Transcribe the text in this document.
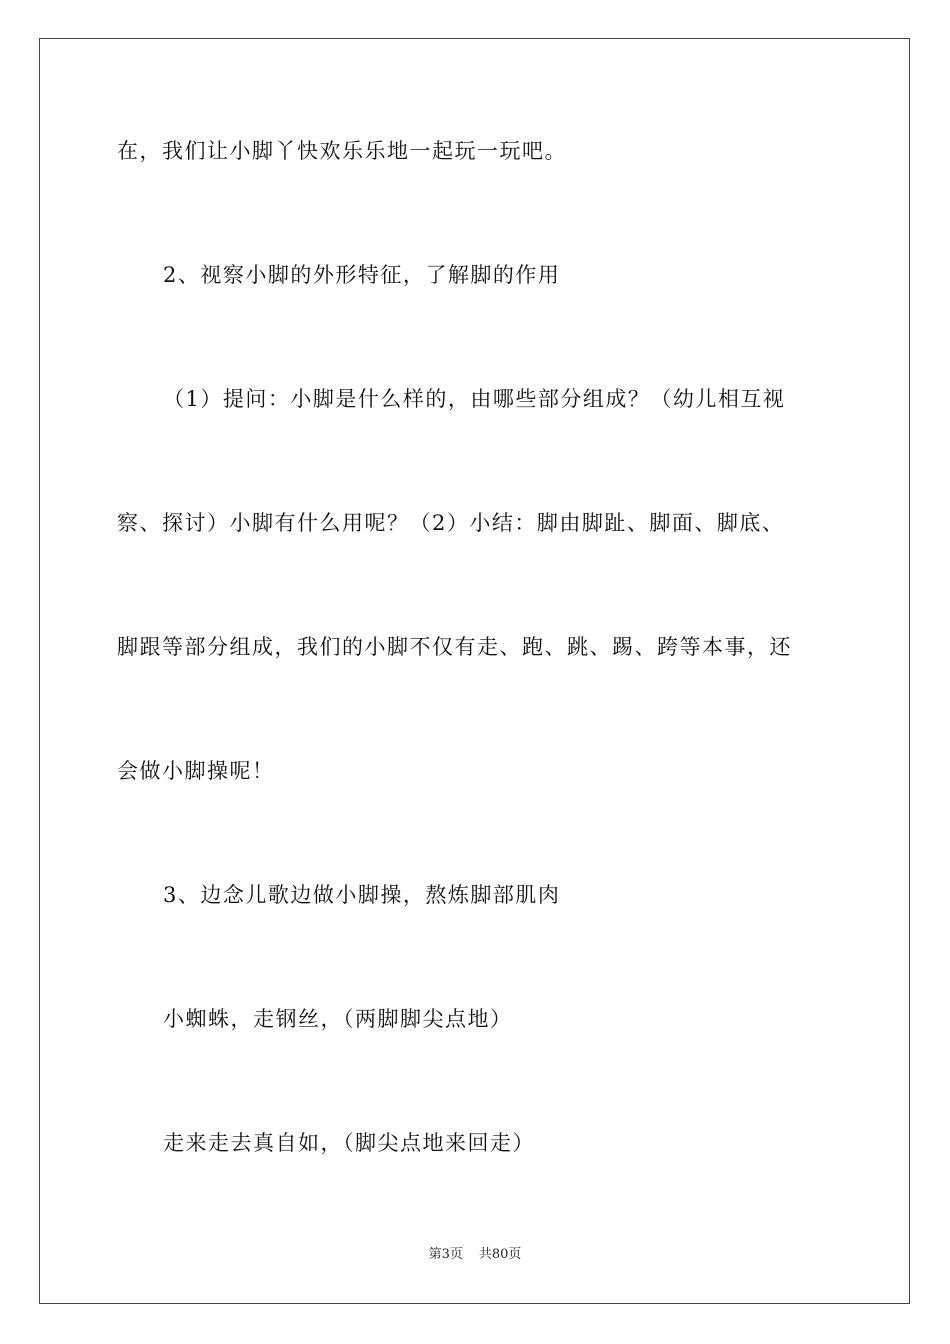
在，我们让小脚丫快欢乐乐地一起玩一玩吧。
2、视察小脚的外形特征，了解脚的作用
（1）提问：小脚是什么样的，由哪些部分组成？（幼儿相互视
察、探讨）小脚有什么用呢？（2）小结：脚由脚趾、脚面、脚底、
脚跟等部分组成，我们的小脚不仅有走、跑、跳、踢、跨等本事，还
会做小脚操呢！
3、边念儿歌边做小脚操，熬炼脚部肌肉
小蜘蛛，走钢丝，（两脚脚尖点地）
走来走去真自如，（脚尖点地来回走）
第3页 共80页
